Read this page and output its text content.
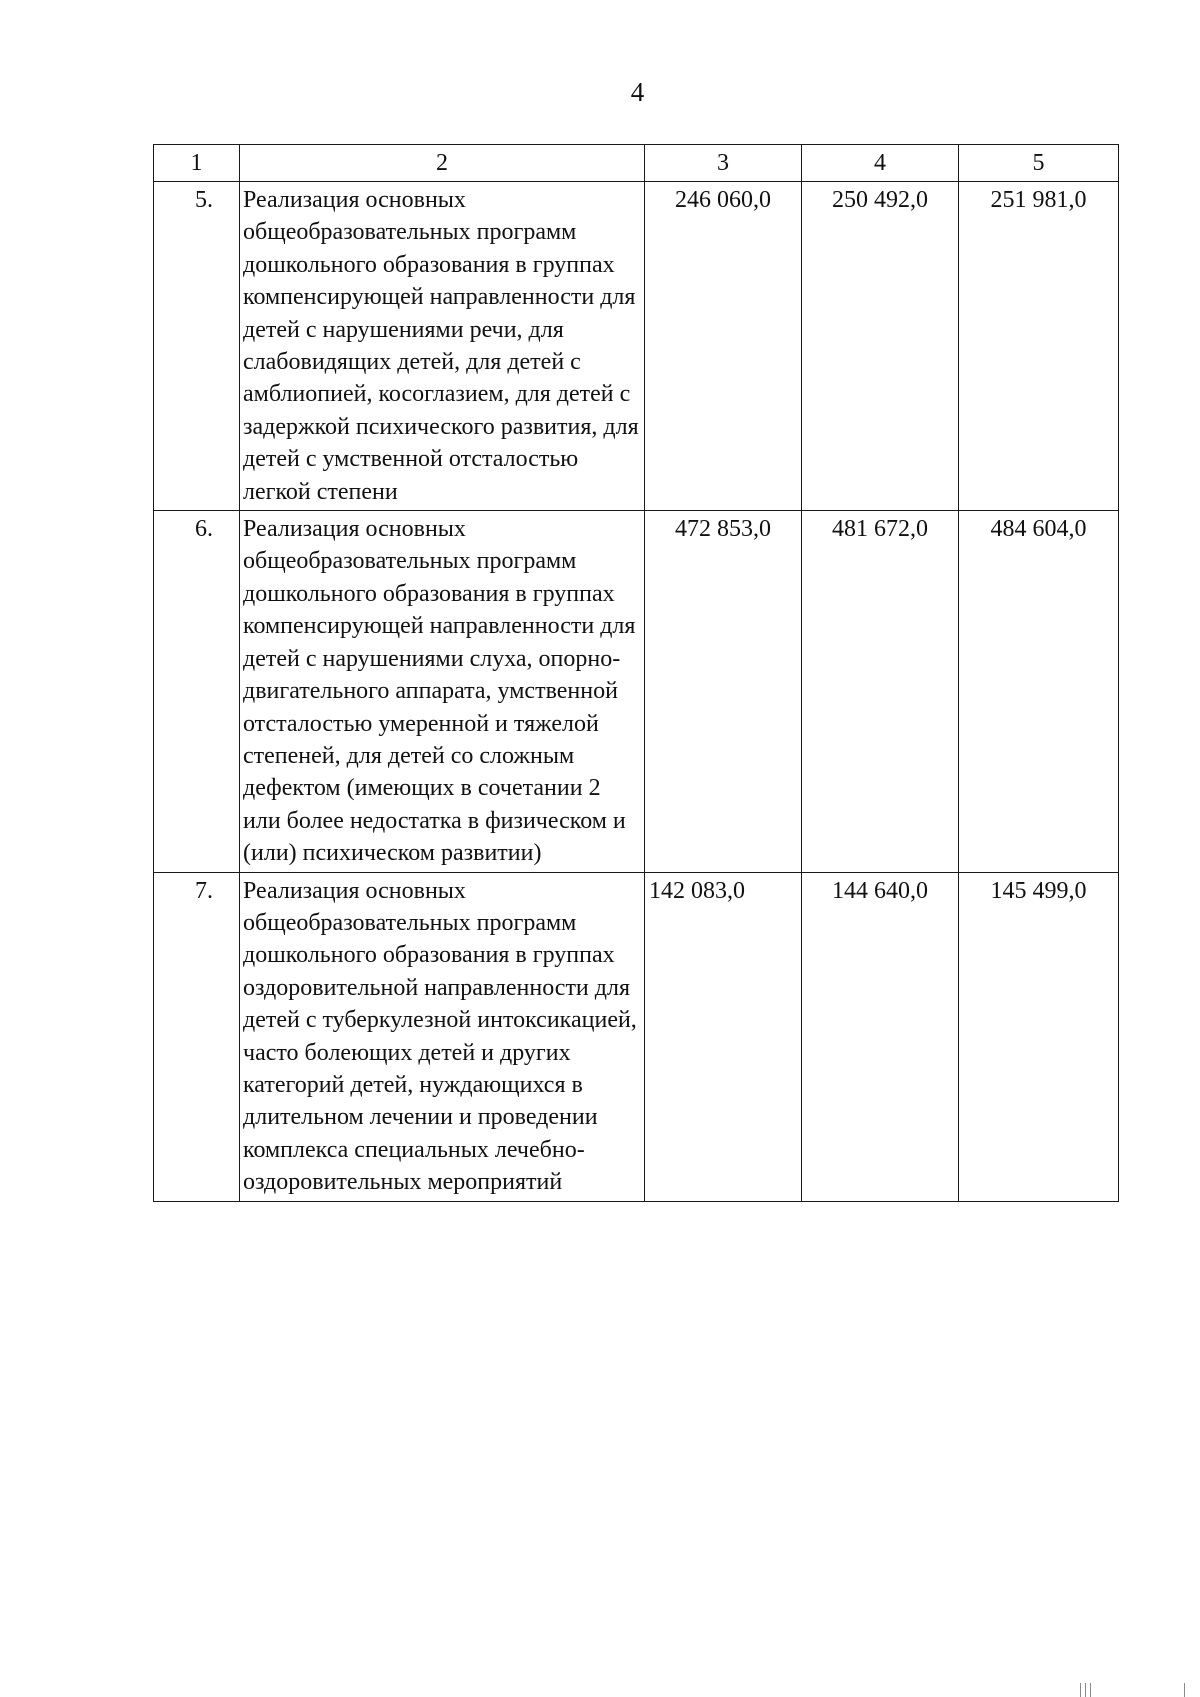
4
1	2	3	4	5
5.	Реализация основных общеобразовательных программ дошкольного образования в группах компенсирующей направленности для детей с нарушениями речи, для слабовидящих детей, для детей с амблиопией, косоглазием, для детей с задержкой психического развития, для детей с умственной отсталостью легкой степени	246 060,0	250 492,0	251 981,0
6.	Реализация основных общеобразовательных программ дошкольного образования в группах компенсирующей направленности для детей с нарушениями слуха, опорно-двигательного аппарата, умственной отсталостью умеренной и тяжелой степеней, для детей со сложным дефектом (имеющих в сочетании 2 или более недостатка в физическом и (или) психическом развитии)	472 853,0	481 672,0	484 604,0
7.	Реализация основных общеобразовательных программ дошкольного образования в группах оздоровительной направленности для детей с туберкулезной интоксикацией, часто болеющих детей и других категорий детей, нуждающихся в длительном лечении и проведении комплекса специальных лечебно-оздоровительных мероприятий	142 083,0	144 640,0	145 499,0
